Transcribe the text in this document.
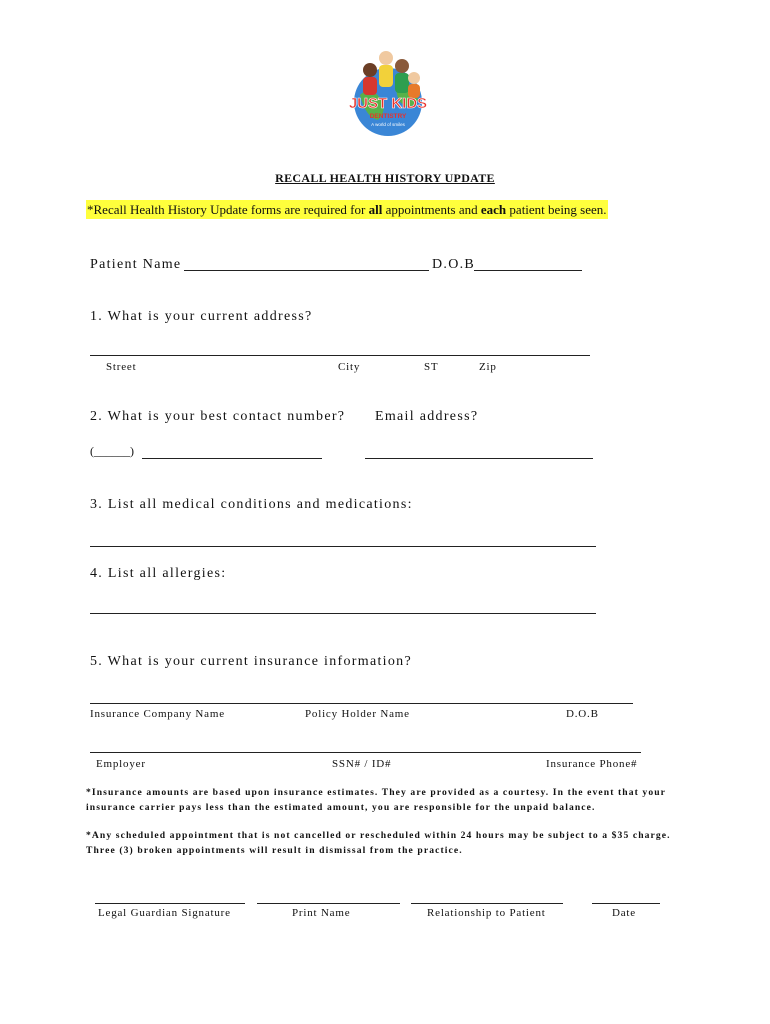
JUST KIDS
DENTISTRY
A world of smiles
RECALL HEALTH HISTORY UPDATE
*Recall Health History Update forms are required for all appointments and each patient being seen.
Patient Name	D.O.B
1. What is your current address?
Street	City	ST	Zip
2. What is your best contact number? Email address?
(______)
3. List all medical conditions and medications:
4. List all allergies:
5. What is your current insurance information?
Insurance Company Name	Policy Holder Name	D.O.B
Employer	SSN# / ID#	Insurance Phone#
*Insurance amounts are based upon insurance estimates. They are provided as a courtesy. In the event that your
insurance carrier pays less than the estimated amount, you are responsible for the unpaid balance.
*Any scheduled appointment that is not cancelled or rescheduled within 24 hours may be subject to a $35 charge.
Three (3) broken appointments will result in dismissal from the practice.
Legal Guardian Signature	Print Name	Relationship to Patient	Date
